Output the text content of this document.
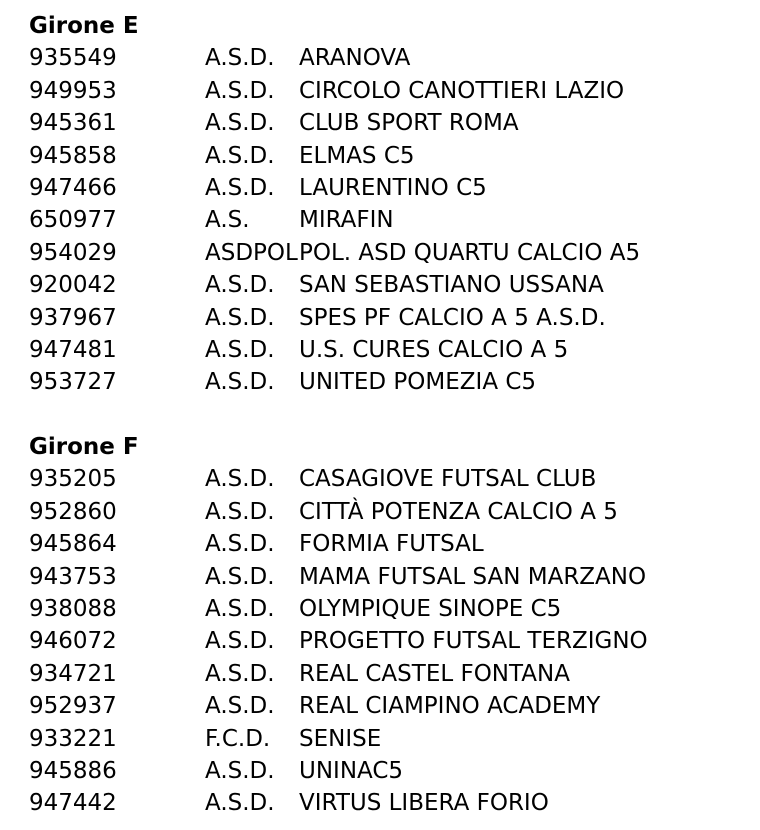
Girone E
935549	A.S.D. ARANOVA
949953	A.S.D. CIRCOLO CANOTTIERI LAZIO
945361	A.S.D. CLUB SPORT ROMA
945858	A.S.D. ELMAS C5
947466	A.S.D. LAURENTINO C5
650977	A.S. MIRAFIN
954029	ASDPOL POL. ASD QUARTU CALCIO A5
920042	A.S.D. SAN SEBASTIANO USSANA
937967	A.S.D. SPES PF CALCIO A 5 A.S.D.
947481	A.S.D. U.S. CURES CALCIO A 5
953727	A.S.D. UNITED POMEZIA C5
Girone F
935205	A.S.D. CASAGIOVE FUTSAL CLUB
952860	A.S.D. CITTÀ POTENZA CALCIO A 5
945864	A.S.D. FORMIA FUTSAL
943753	A.S.D. MAMA FUTSAL SAN MARZANO
938088	A.S.D. OLYMPIQUE SINOPE C5
946072	A.S.D. PROGETTO FUTSAL TERZIGNO
934721	A.S.D. REAL CASTEL FONTANA
952937	A.S.D. REAL CIAMPINO ACADEMY
933221	F.C.D. SENISE
945886	A.S.D. UNINAC5
947442	A.S.D. VIRTUS LIBERA FORIO
